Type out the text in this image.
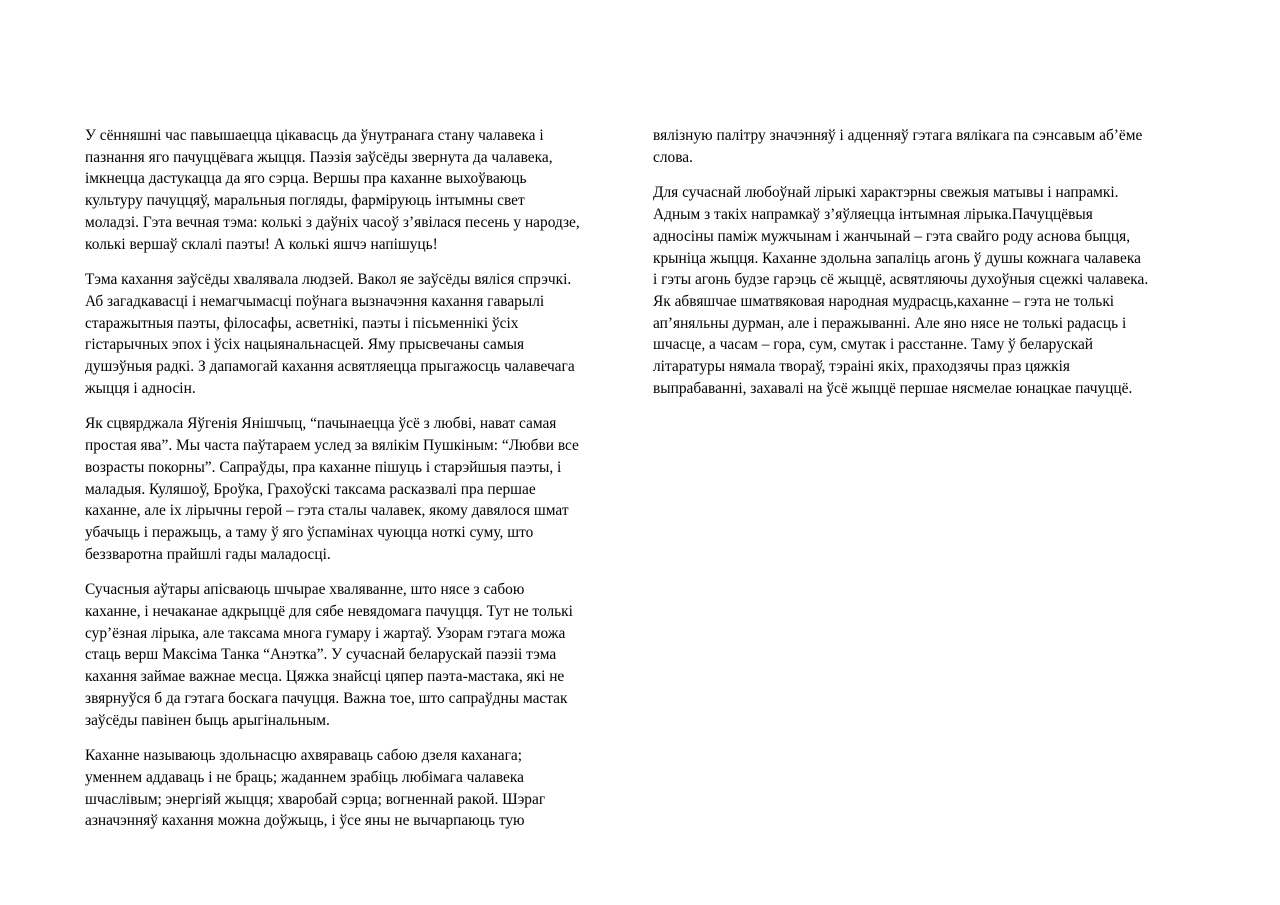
У сённяшні час павышаецца цікавасць да ўнутранага стану чалавека і
пазнання яго пачуццёвага жыцця. Паэзія заўсёды звернута да чалавека,
імкнецца дастукацца да яго сэрца. Вершы пра каханне выхоўваюць
культуру пачуццяў, маральныя погляды, фарміруюць інтымны свет
моладзі. Гэта вечная тэма: колькі з даўніх часоў з’явілася песень у народзе,
колькі вершаў склалі паэты! А колькі яшчэ напішуць!

Тэма кахання заўсёды хвалявала людзей. Вакол яе заўсёды вяліся спрэчкі.
Аб загадкавасці і немагчымасці поўнага вызначэння кахання гаварылі
старажытныя паэты, філосафы, асветнікі, паэты і пісьменнікі ўсіх
гістарычных эпох і ўсіх нацыянальнасцей. Яму прысвечаны самыя
душэўныя радкі. З дапамогай кахання асвятляецца прыгажосць чалавечага
жыцця і адносін.

Як сцвярджала Яўгенія Янішчыц, “пачынаецца ўсё з любві, нават самая
простая ява”. Мы часта паўтараем услед за вялікім Пушкіным: “Любви все
возрасты покорны”. Сапраўды, пра каханне пішуць і старэйшыя паэты, і
маладыя. Куляшоў, Броўка, Грахоўскі таксама расказвалі пра першае
каханне, але іх лірычны герой – гэта сталы чалавек, якому давялося шмат
убачыць і перажыць, а таму ў яго ўспамінах чуюцца ноткі суму, што
беззваротна прайшлі гады маладосці.

Сучасныя аўтары апісваюць шчырае хваляванне, што нясе з сабою
каханне, і нечаканае адкрыццё для сябе невядомага пачуцця. Тут не толькі
сур’ёзная лірыка, але таксама многа гумару і жартаў. Узорам гэтага можа
стаць верш Максіма Танка “Анэтка”. У сучаснай беларускай паэзіі тэма
кахання займае важнае месца. Цяжка знайсці цяпер паэта-мастака, які не
звярнуўся б да гэтага боскага пачуцця. Важна тое, што сапраўдны мастак
заўсёды павінен быць арыгінальным.

Каханне называюць здольнасцю ахвяраваць сабою дзеля каханага;
уменнем аддаваць і не браць; жаданнем зрабіць любімага чалавека
шчаслівым; энергіяй жыцця; хваробай сэрца; вогненнай ракой. Шэраг
азначэнняў кахання можна доўжыць, і ўсе яны не вычарпаюць тую

вялізную палітру значэнняў і адценняў гэтага вялікага па сэнсавым аб’ёме
слова.

Для сучаснай любоўнай лірыкі характэрны свежыя матывы і напрамкі.
Адным з такіх напрамкаў з’яўляецца інтымная лірыка.Пачуццёвыя
адносіны паміж мужчынам і жанчынай – гэта свайго роду аснова быцця,
крыніца жыцця. Каханне здольна запаліць агонь ў душы кожнага чалавека
і гэты агонь будзе гарэць сё жыццё, асвятляючы духоўныя сцежкі чалавека.
Як абвяшчае шматвяковая народная мудрасць,каханне – гэта не толькі
ап’яняльны дурман, але і перажыванні. Але яно нясе не толькі радасць і
шчасце, а часам – гора, сум, смутак і расстанне. Таму ў беларускай
літаратуры нямала твораў, тэраіні якіх, праходзячы праз цяжкія
выпрабаванні, захавалі на ўсё жыццё першае нясмелае юнацкае пачуццё.
